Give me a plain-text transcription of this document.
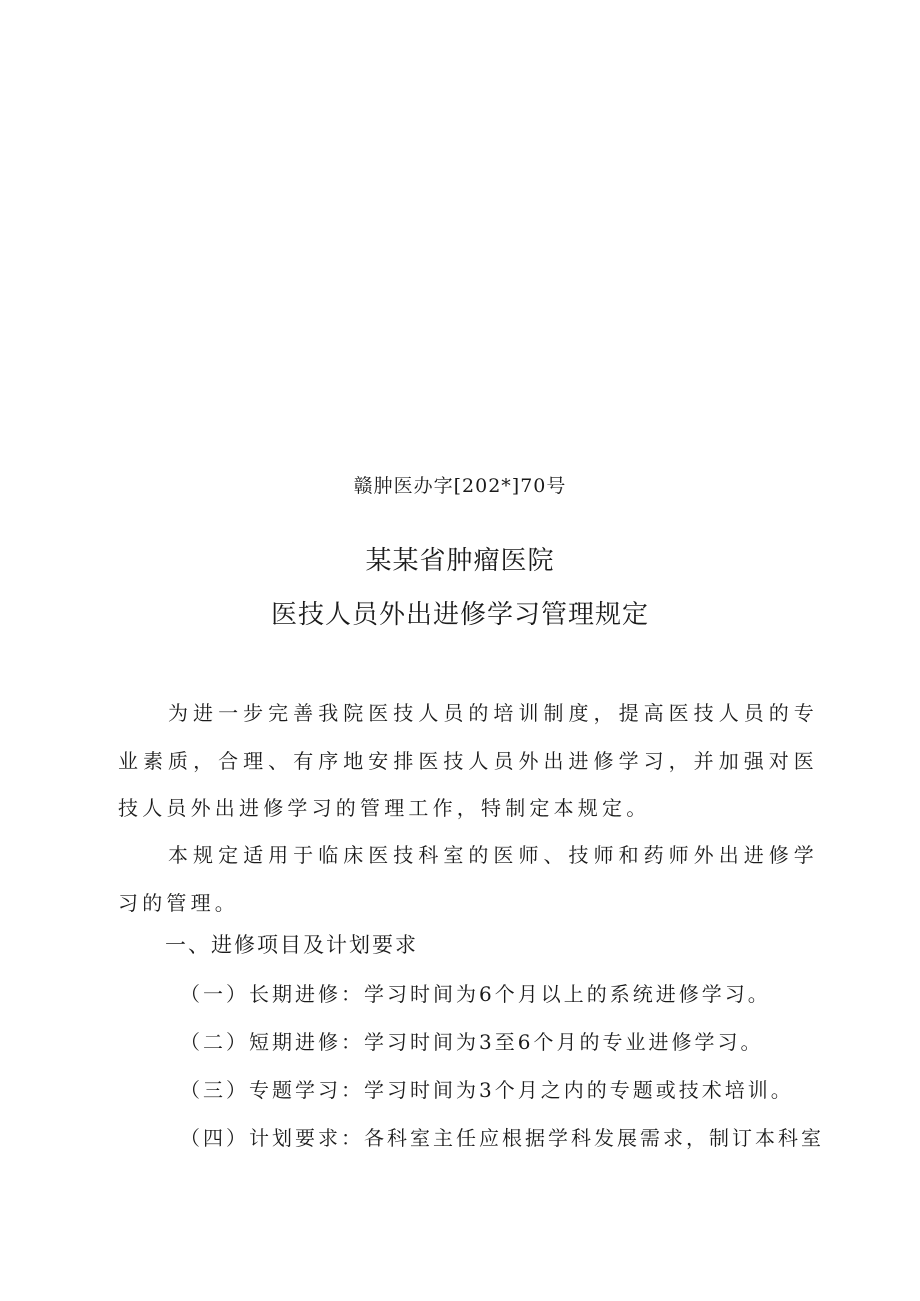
赣肿医办字[202*]70号
某某省肿瘤医院
医技人员外出进修学习管理规定

为进一步完善我院医技人员的培训制度，提高医技人员的专业素质，合理、有序地安排医技人员外出进修学习，并加强对医技人员外出进修学习的管理工作，特制定本规定。

本规定适用于临床医技科室的医师、技师和药师外出进修学习的管理。

一、进修项目及计划要求

（一）长期进修：学习时间为6个月以上的系统进修学习。

（二）短期进修：学习时间为3至6个月的专业进修学习。

（三）专题学习：学习时间为3个月之内的专题或技术培训。

（四）计划要求：各科室主任应根据学科发展需求，制订本科室
